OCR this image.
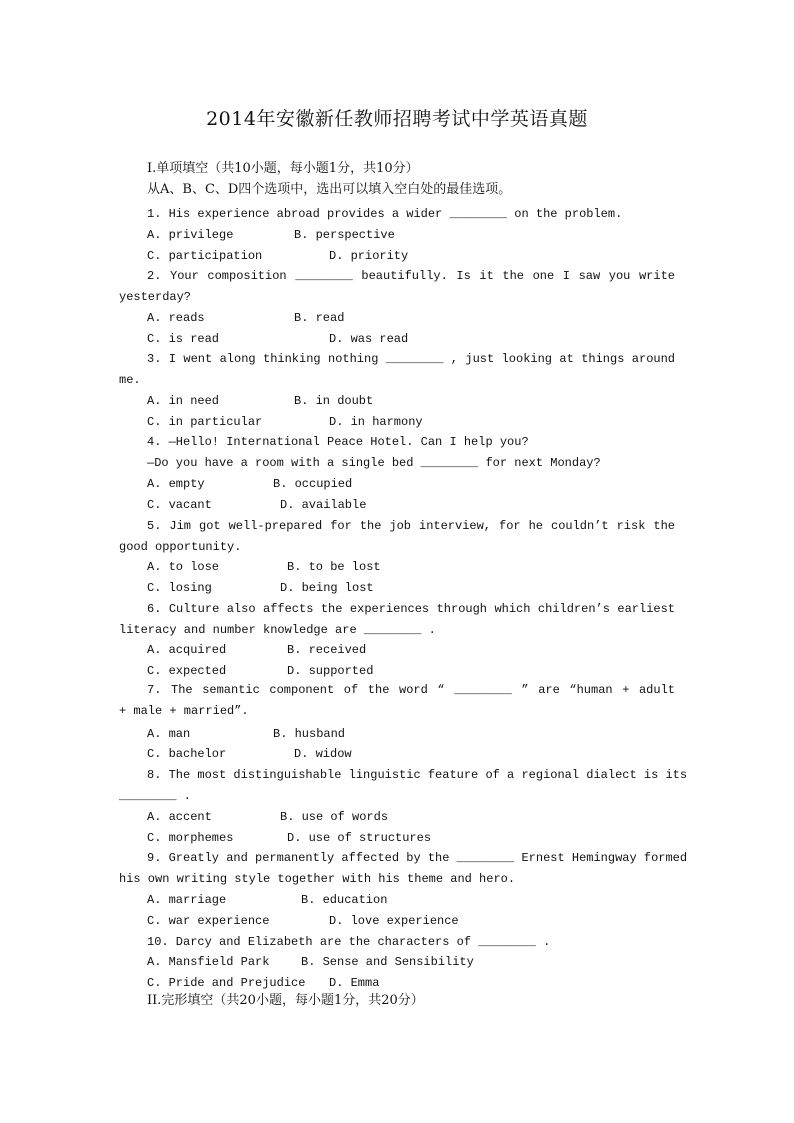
2014年安徽新任教师招聘考试中学英语真题
I.单项填空（共10小题，每小题1分，共10分）
从A、B、C、D四个选项中，选出可以填入空白处的最佳选项。
1. His experience abroad provides a wider ________ on the problem.
A. privilege	B. perspective
C. participation	D. priority
2. Your composition ________ beautifully. Is it the one I saw you write
yesterday?
A. reads	B. read
C. is read	D. was read
3. I went along thinking nothing ________ , just looking at things around
me.
A. in need	B. in doubt
C. in particular	D. in harmony
4. —Hello! International Peace Hotel. Can I help you?
—Do you have a room with a single bed ________ for next Monday?
A. empty	B. occupied
C. vacant	D. available
5. Jim got well-prepared for the job interview, for he couldn’t risk the
good opportunity.
A. to lose	B. to be lost
C. losing	D. being lost
6. Culture also affects the experiences through which children’s earliest
literacy and number knowledge are ________ .
A. acquired	B. received
C. expected	D. supported
7. The semantic component of the word “ ________ ” are “human + adult
+ male + married”.
A. man	B. husband
C. bachelor	D. widow
8. The most distinguishable linguistic feature of a regional dialect is its
________ .
A. accent	B. use of words
C. morphemes	D. use of structures
9. Greatly and permanently affected by the ________ Ernest Hemingway formed
his own writing style together with his theme and hero.
A. marriage	B. education
C. war experience	D. love experience
10. Darcy and Elizabeth are the characters of ________ .
A. Mansfield Park	B. Sense and Sensibility
C. Pride and Prejudice D. Emma
II.完形填空（共20小题，每小题1分，共20分）
